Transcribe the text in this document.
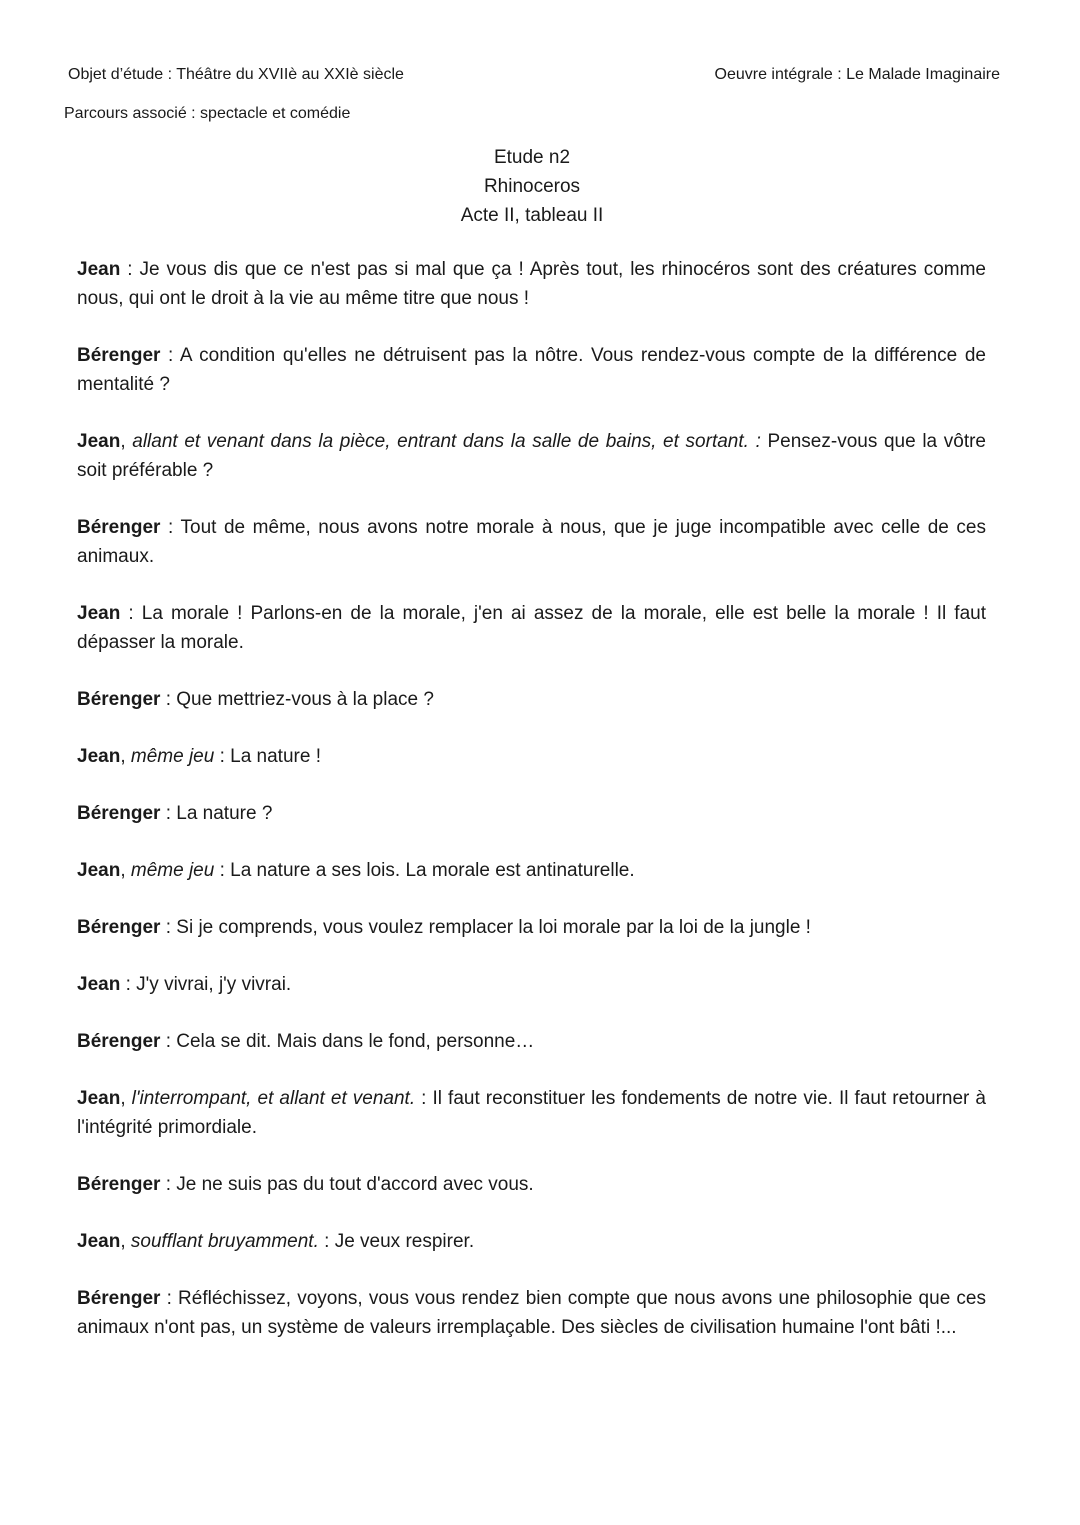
Objet d’étude : Théâtre du XVIIè au XXIè siècle	Oeuvre intégrale : Le Malade Imaginaire
Parcours associé : spectacle et comédie
Etude n2
Rhinoceros
Acte II, tableau II

Jean : Je vous dis que ce n'est pas si mal que ça ! Après tout, les rhinocéros sont des créatures comme nous, qui ont le droit à la vie au même titre que nous !

Bérenger : A condition qu'elles ne détruisent pas la nôtre. Vous rendez-vous compte de la différence de mentalité ?

Jean, allant et venant dans la pièce, entrant dans la salle de bains, et sortant. : Pensez-vous que la vôtre soit préférable ?

Bérenger : Tout de même, nous avons notre morale à nous, que je juge incompatible avec celle de ces animaux.

Jean : La morale ! Parlons-en de la morale, j'en ai assez de la morale, elle est belle la morale ! Il faut dépasser la morale.

Bérenger : Que mettriez-vous à la place ?

Jean, même jeu : La nature !

Bérenger : La nature ?

Jean, même jeu : La nature a ses lois. La morale est antinaturelle.

Bérenger : Si je comprends, vous voulez remplacer la loi morale par la loi de la jungle !

Jean : J'y vivrai, j'y vivrai.

Bérenger : Cela se dit. Mais dans le fond, personne…

Jean, l'interrompant, et allant et venant. : Il faut reconstituer les fondements de notre vie. Il faut retourner à l'intégrité primordiale.

Bérenger : Je ne suis pas du tout d'accord avec vous.

Jean, soufflant bruyamment. : Je veux respirer.

Bérenger : Réfléchissez, voyons, vous vous rendez bien compte que nous avons une philosophie que ces animaux n'ont pas, un système de valeurs irremplaçable. Des siècles de civilisation humaine l'ont bâti !...
